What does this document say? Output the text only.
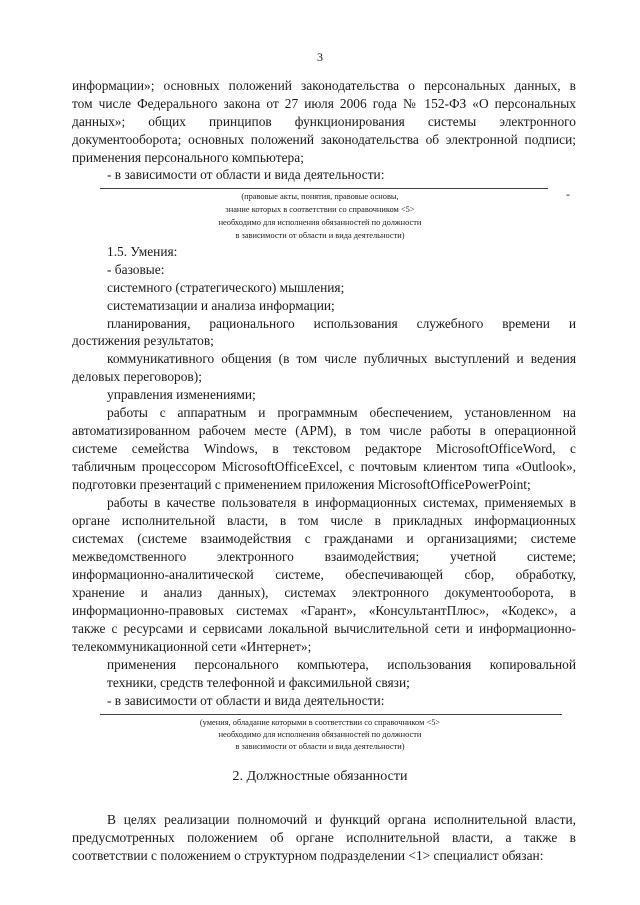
3
информации»; основных положений законодательства о персональных данных, в
том числе Федерального закона от 27 июля 2006 года № 152-ФЗ «О персональных
данных»; общих принципов функционирования системы электронного
документооборота; основных положений законодательства об электронной подписи;
применения персонального компьютера;
- в зависимости от области и вида деятельности:
-
(правовые акты, понятия, правовые основы,
знание которых в соответствии со справочником <5>
необходимо для исполнения обязанностей по должности
в зависимости от области и вида деятельности)
1.5. Умения:
- базовые:
системного (стратегического) мышления;
систематизации и анализа информации;
планирования, рационального использования служебного времени и
достижения результатов;
коммуникативного общения (в том числе публичных выступлений и ведения
деловых переговоров);
управления изменениями;
работы с аппаратным и программным обеспечением, установленном на
автоматизированном рабочем месте (АРМ), в том числе работы в операционной
системе семейства Windows, в текстовом редакторе MicrosoftOfficeWord, с
табличным процессором MicrosoftOfficeExcel, с почтовым клиентом типа «Outlook»,
подготовки презентаций с применением приложения MicrosoftOfficePowerPoint;
работы в качестве пользователя в информационных системах, применяемых в
органе исполнительной власти, в том числе в прикладных информационных
системах (системе взаимодействия с гражданами и организациями; системе
межведомственного электронного взаимодействия; учетной системе;
информационно-аналитической системе, обеспечивающей сбор, обработку,
хранение и анализ данных), системах электронного документооборота, в
информационно-правовых системах «Гарант», «КонсультантПлюс», «Кодекс», а
также с ресурсами и сервисами локальной вычислительной сети и информационно-
телекоммуникационной сети «Интернет»;
применения персонального компьютера, использования копировальной
техники, средств телефонной и факсимильной связи;
- в зависимости от области и вида деятельности:
(умения, обладание которыми в соответствии со справочником <5>
необходимо для исполнения обязанностей по должности
в зависимости от области и вида деятельности)
2. Должностные обязанности
В целях реализации полномочий и функций органа исполнительной власти,
предусмотренных положением об органе исполнительной власти, а также в
соответствии с положением о структурном подразделении <1> специалист обязан:
